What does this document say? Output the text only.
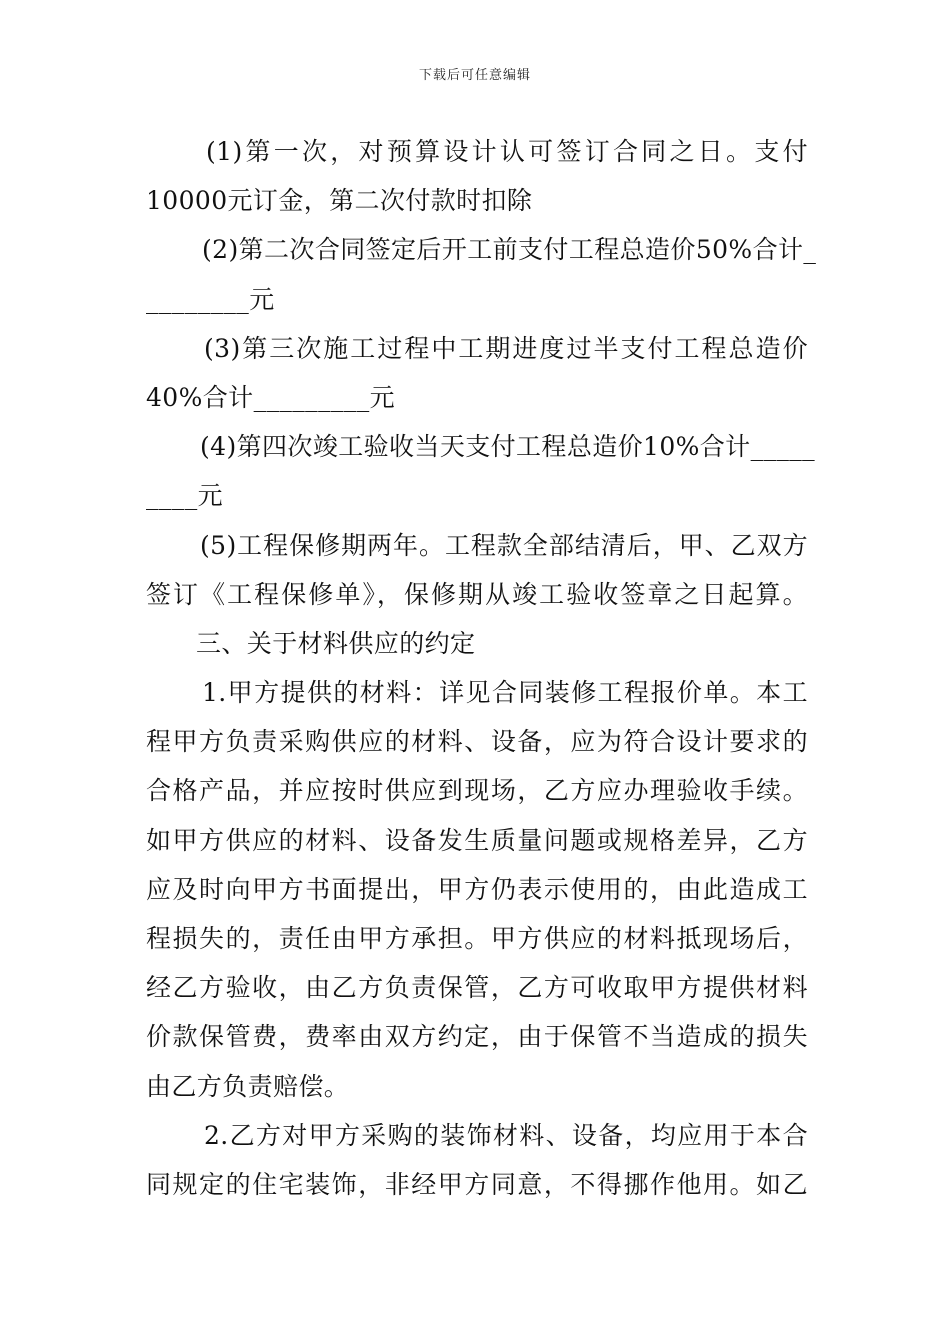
下载后可任意编辑
(1)第一次，对预算设计认可签订合同之日。支付
10000元订金，第二次付款时扣除
(2)第二次合同签定后开工前支付工程总造价50%合计_
________元
(3)第三次施工过程中工期进度过半支付工程总造价
40%合计_________元
(4)第四次竣工验收当天支付工程总造价10%合计_____
____元
(5)工程保修期两年。工程款全部结清后，甲、乙双方
签订《工程保修单》，保修期从竣工验收签章之日起算。
三、关于材料供应的约定
1.甲方提供的材料：详见合同装修工程报价单。本工
程甲方负责采购供应的材料、设备，应为符合设计要求的
合格产品，并应按时供应到现场，乙方应办理验收手续。
如甲方供应的材料、设备发生质量问题或规格差异，乙方
应及时向甲方书面提出，甲方仍表示使用的，由此造成工
程损失的，责任由甲方承担。甲方供应的材料抵现场后，
经乙方验收，由乙方负责保管，乙方可收取甲方提供材料
价款保管费，费率由双方约定，由于保管不当造成的损失
由乙方负责赔偿。
2.乙方对甲方采购的装饰材料、设备，均应用于本合
同规定的住宅装饰，非经甲方同意，不得挪作他用。如乙
